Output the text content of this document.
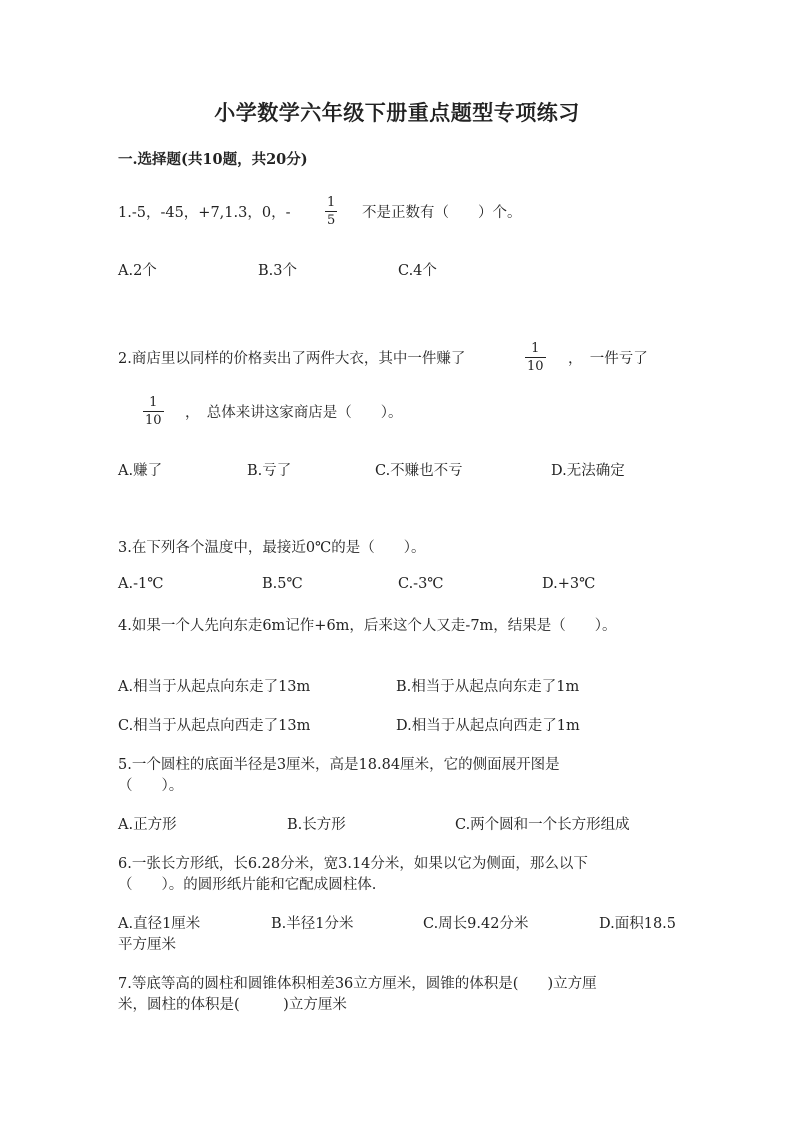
小学数学六年级下册重点题型专项练习
一.选择题(共10题，共20分)
1.-5，-45，+7,1.3，0，-
1
5 不是正数有（　　）个。
A.2个	B.3个	C.4个
2.商店里以同样的价格卖出了两件大衣，其中一件赚了
1
10 ，　一件亏了
1
10 ，　总体来讲这家商店是（　　）。
A.赚了	B.亏了	C.不赚也不亏	D.无法确定
3.在下列各个温度中，最接近0℃的是（　　）。
A.-1℃	B.5℃	C.-3℃	D.+3℃
4.如果一个人先向东走6m记作+6m，后来这个人又走-7m，结果是（　　）。
A.相当于从起点向东走了13m	B.相当于从起点向东走了1m
C.相当于从起点向西走了13m	D.相当于从起点向西走了1m
5.一个圆柱的底面半径是3厘米，高是18.84厘米，它的侧面展开图是
（　　）。
A.正方形	B.长方形	C.两个圆和一个长方形组成
6.一张长方形纸，长6.28分米，宽3.14分米，如果以它为侧面，那么以下
（　　）。的圆形纸片能和它配成圆柱体.
A.直径1厘米	B.半径1分米	C.周长9.42分米	D.面积18.5
平方厘米
7.等底等高的圆柱和圆锥体积相差36立方厘米，圆锥的体积是(　　)立方厘
米，圆柱的体积是(　　　)立方厘米
